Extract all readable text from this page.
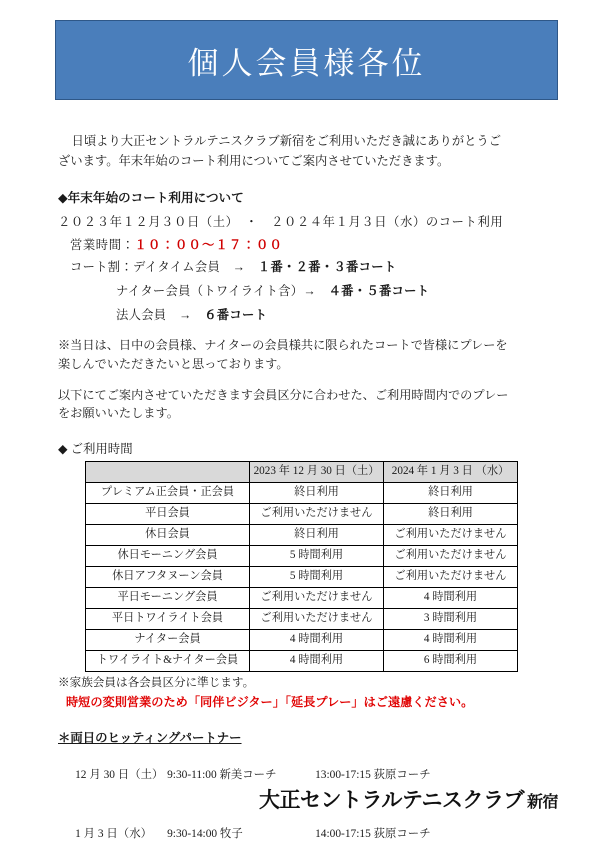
個人会員様各位
日頃より大正セントラルテニスクラブ新宿をご利用いただき誠にありがとうご
ざいます。年末年始のコート利用についてご案内させていただきます。
◆年末年始のコート利用について
２０２３年１２月３０日（土）　・　２０２４年１月３日（水）のコート利用
営業時間：１０：００〜１７：００
コート割：デイタイム会員　→　１番・２番・３番コート
ナイター会員（トワイライト含）→　４番・５番コート
法人会員　→　６番コート
※当日は、日中の会員様、ナイターの会員様共に限られたコートで皆様にプレーを
楽しんでいただきたいと思っております。
以下にてご案内させていただきます会員区分に合わせた、ご利用時間内でのプレー
をお願いいたします。
◆ ご利用時間
	2023 年 12 月 30 日（土）	2024 年 1 月 3 日 （水）
プレミアム正会員・正会員	終日利用	終日利用
平日会員	ご利用いただけません	終日利用
休日会員	終日利用	ご利用いただけません
休日モーニング会員	5 時間利用	ご利用いただけません
休日アフタヌーン会員	5 時間利用	ご利用いただけません
平日モーニング会員	ご利用いただけません	4 時間利用
平日トワイライト会員	ご利用いただけません	3 時間利用
ナイター会員	4 時間利用	4 時間利用
トワイライト&ナイター会員	4 時間利用	6 時間利用
※家族会員は各会員区分に準じます。
時短の変則営業のため「同伴ビジター」「延長プレー」はご遠慮ください。
＊両日のヒッティングパートナー

12 月 30 日（土） 9:30-11:00 新美コーチ	13:00-17:15 荻原コーチ

1 月 3 日（水） 9:30-14:00 牧子	14:00-17:15 荻原コーチ

大正セントラルテニスクラブ 新宿
